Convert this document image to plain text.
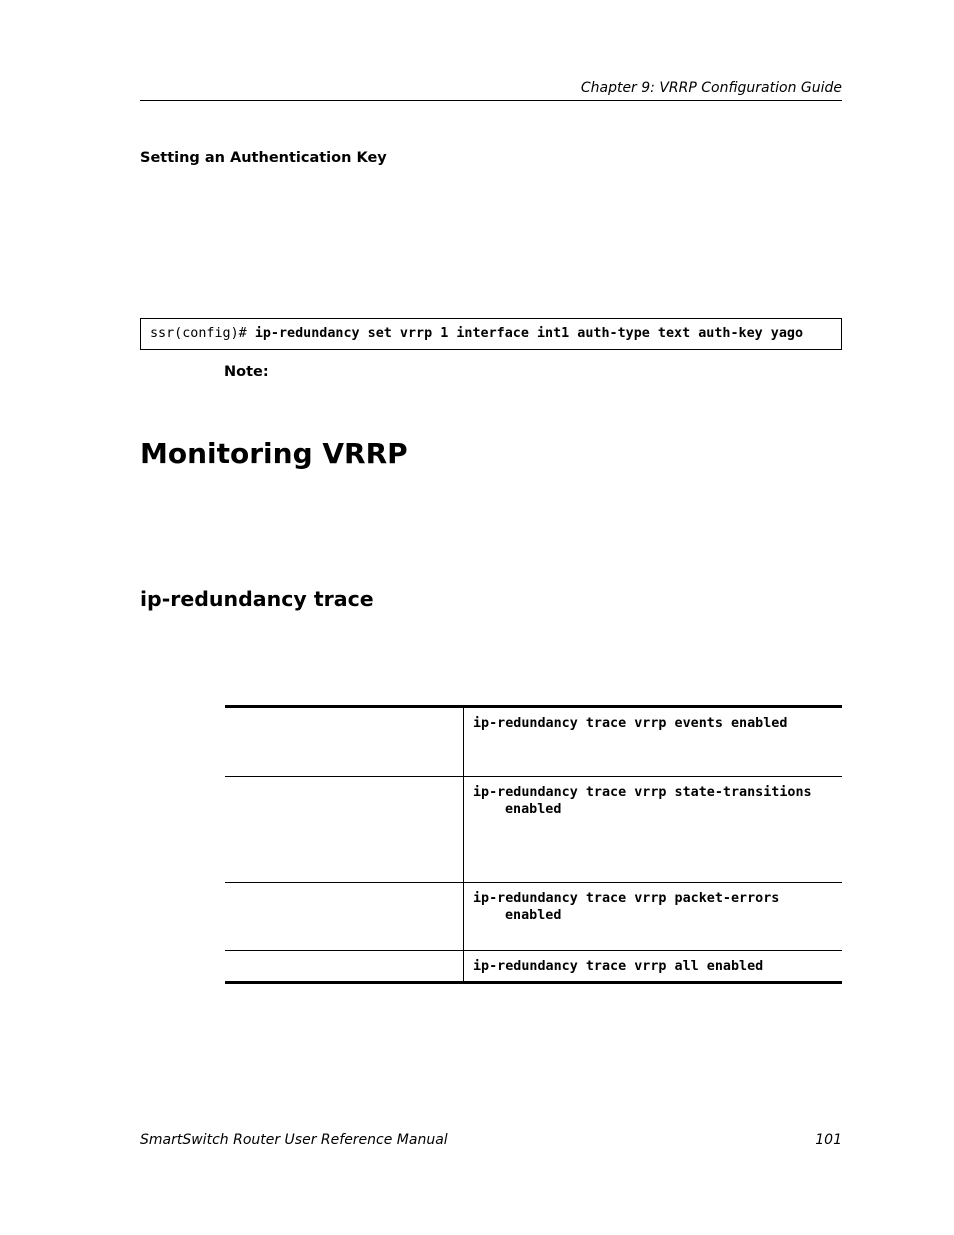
Chapter 9: VRRP Configuration Guide
Setting an Authentication Key
ssr(config)# ip-redundancy set vrrp 1 interface int1 auth-type text auth-key yago
Note:
Monitoring VRRP
ip-redundancy trace

	ip-redundancy trace vrrp events enabled

	ip-redundancy trace vrrp state-transitions
enabled

	ip-redundancy trace vrrp packet-errors
enabled

	ip-redundancy trace vrrp all enabled
SmartSwitch Router User Reference Manual	101
